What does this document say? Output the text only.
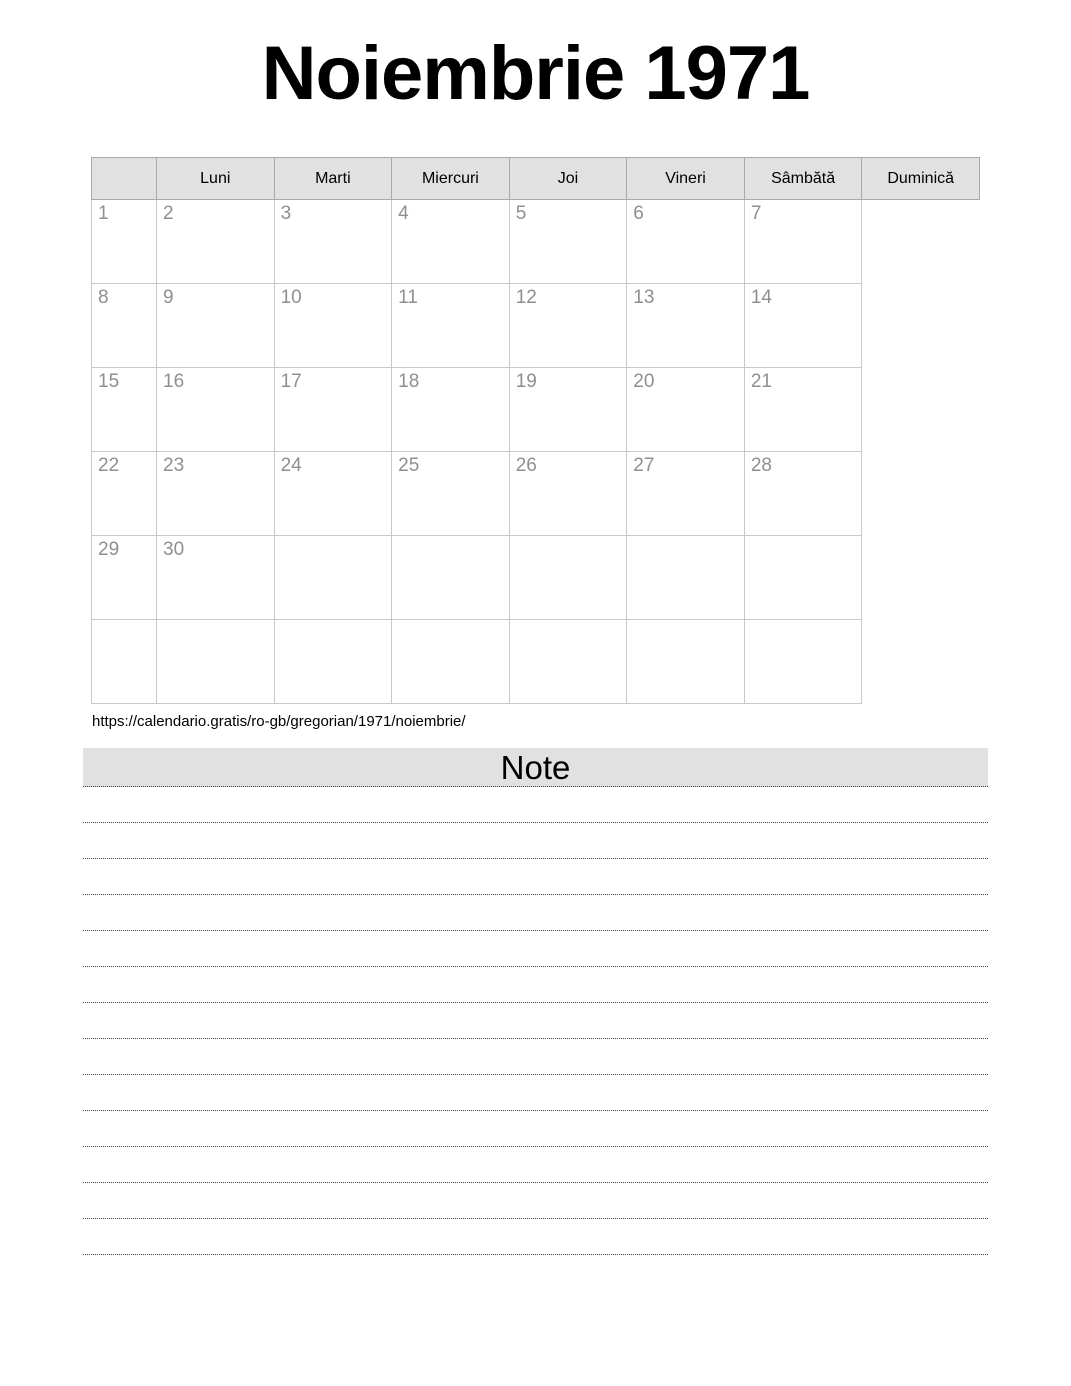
Noiembrie 1971
	Luni	Marti	Miercuri	Joi	Vineri	Sâmbătă	Duminică
1	2	3	4	5	6	7	
8	9	10	11	12	13	14	
15	16	17	18	19	20	21	
22	23	24	25	26	27	28	
29	30						

https://calendario.gratis/ro-gb/gregorian/1971/noiembrie/
Note
